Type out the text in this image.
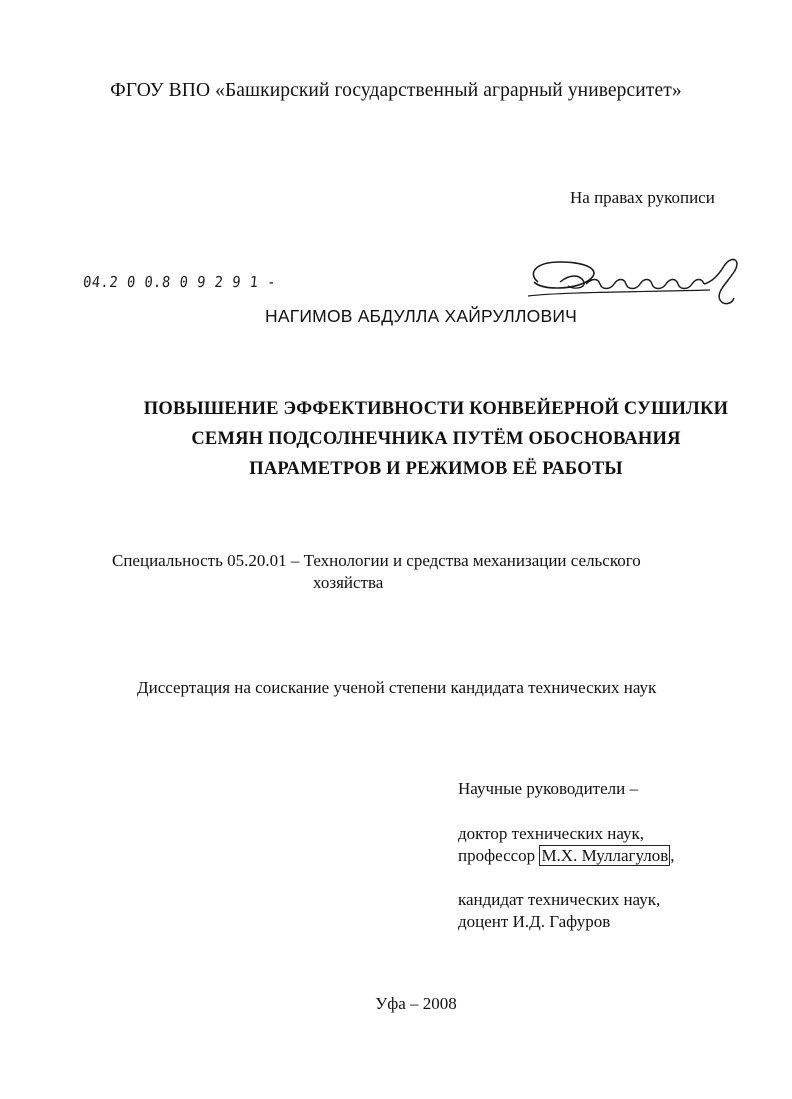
ФГОУ ВПО «Башкирский государственный аграрный университет»
На правах рукописи
04.2 0 0.8 0 9 2 9 1 -
НАГИМОВ АБДУЛЛА ХАЙРУЛЛОВИЧ
ПОВЫШЕНИЕ ЭФФЕКТИВНОСТИ КОНВЕЙЕРНОЙ СУШИЛКИ
СЕМЯН ПОДСОЛНЕЧНИКА ПУТЁМ ОБОСНОВАНИЯ
ПАРАМЕТРОВ И РЕЖИМОВ ЕЁ РАБОТЫ
Специальность 05.20.01 – Технологии и средства механизации сельского
хозяйства
Диссертация на соискание ученой степени кандидата технических наук
Научные руководители –
доктор технических наук,
профессор М.Х. Муллагулов ,
кандидат технических наук,
доцент И.Д. Гафуров
Уфа – 2008
